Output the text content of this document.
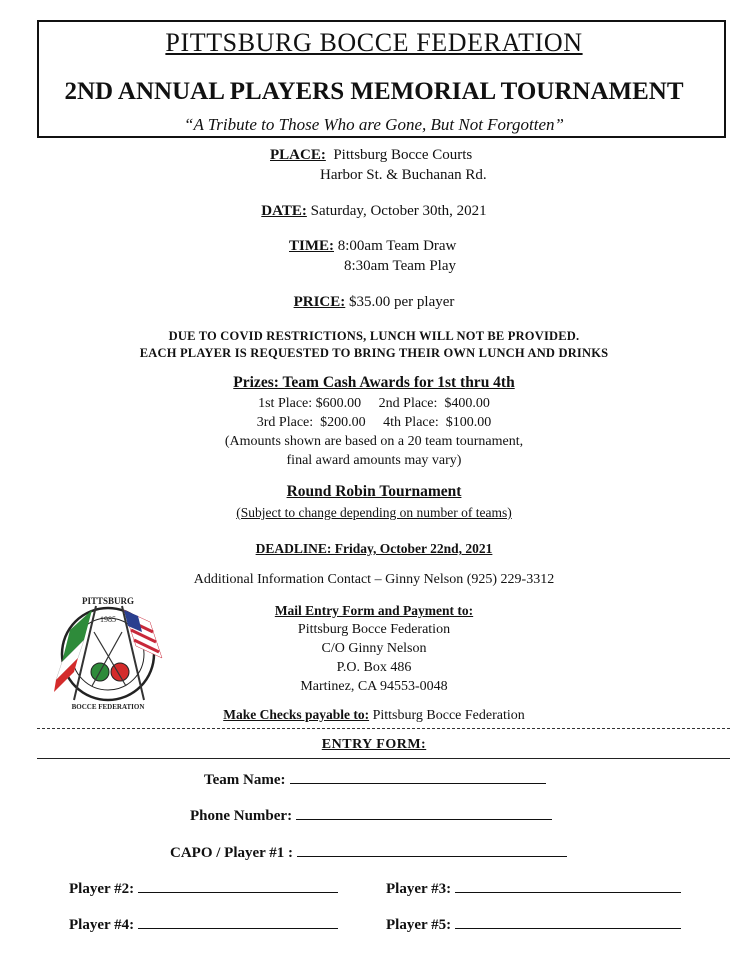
PITTSBURG BOCCE FEDERATION
2ND ANNUAL PLAYERS MEMORIAL TOURNAMENT
“A Tribute to Those Who are Gone, But Not Forgotten”
PLACE: Pittsburg Bocce Courts
Harbor St. & Buchanan Rd.
DATE: Saturday, October 30th, 2021
TIME: 8:00am Team Draw
8:30am Team Play
PRICE: $35.00 per player
DUE TO COVID RESTRICTIONS, LUNCH WILL NOT BE PROVIDED.
EACH PLAYER IS REQUESTED TO BRING THEIR OWN LUNCH AND DRINKS
Prizes: Team Cash Awards for 1st thru 4th
1st Place: $600.00     2nd Place:  $400.00
3rd Place:  $200.00     4th Place:  $100.00
(Amounts shown are based on a 20 team tournament,
final award amounts may vary)
Round Robin Tournament
(Subject to change depending on number of teams)
DEADLINE: Friday, October 22nd, 2021
Additional Information Contact – Ginny Nelson (925) 229-3312
PITTSBURG
1985
BOCCE FEDERATION
Mail Entry Form and Payment to:
Pittsburg Bocce Federation
C/O Ginny Nelson
P.O. Box 486
Martinez, CA 94553-0048
Make Checks payable to: Pittsburg Bocce Federation
ENTRY FORM:
Team Name:
Phone Number:
CAPO / Player #1 :
Player #2:	Player #3:
Player #4:	Player #5:
